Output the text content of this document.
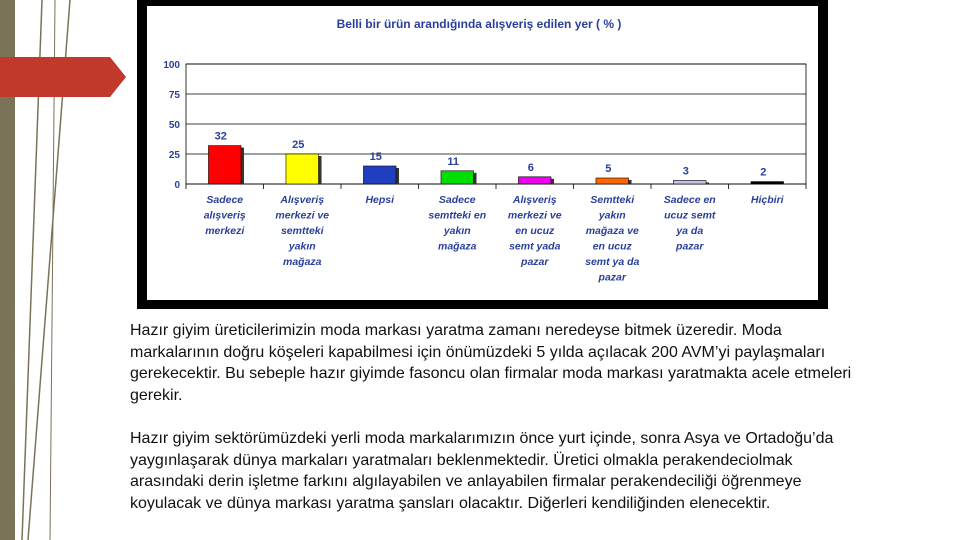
Belli bir ürün arandığında alışveriş edilen yer ( % )
0
25
50
75
100
32
Sadece alışveriş merkezi
25
Alışveriş merkezi ve semtteki yakın mağaza
15
Hepsi
11
Sadece semtteki en yakın mağaza
6
Alışveriş merkezi ve en ucuz semt yada pazar
5
Semtteki yakın mağaza ve en ucuz semt ya da pazar
3
Sadece en ucuz semt ya da pazar
2
Hiçbiri

Hazır giyim üreticilerimizin moda markası yaratma zamanı neredeyse bitmek üzeredir. Moda markalarının doğru köşeleri kapabilmesi için önümüzdeki 5 yılda açılacak 200 AVM’yi paylaşmaları gerekecektir. Bu sebeple hazır giyimde fasoncu olan firmalar moda markası yaratmakta acele etmeleri gerekir.

Hazır giyim sektörümüzdeki yerli moda markalarımızın önce yurt içinde, sonra Asya ve Ortadoğu’da yaygınlaşarak dünya markaları yaratmaları beklenmektedir. Üretici olmakla perakendeciolmak arasındaki derin işletme farkını algılayabilen ve anlayabilen firmalar perakendeciliği öğrenmeye koyulacak ve dünya markası yaratma şansları olacaktır. Diğerleri kendiliğinden elenecektir.
